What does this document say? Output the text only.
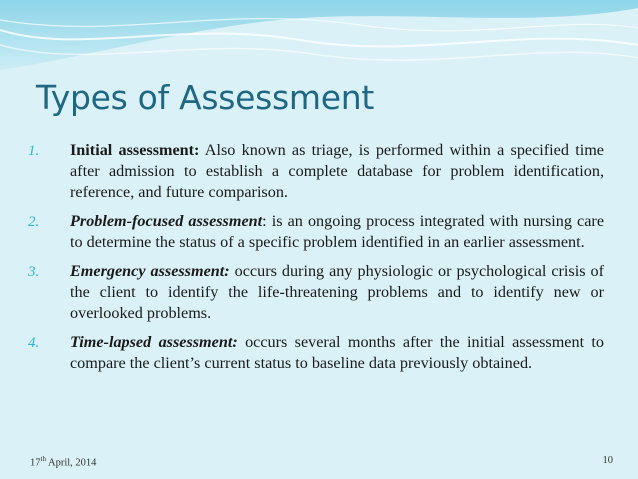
Types of Assessment
1.	Initial assessment: Also known as triage, is performed within a specified time after admission to establish a complete database for problem identification, reference, and future comparison.
2.	Problem-focused assessment: is an ongoing process integrated with nursing care to determine the status of a specific problem identified in an earlier assessment.
3.	Emergency assessment: occurs during any physiologic or psychological crisis of the client to identify the life-threatening problems and to identify new or overlooked problems.
4.	Time-lapsed assessment: occurs several months after the initial assessment to compare the client’s current status to baseline data previously obtained.
17th April, 2014	10
